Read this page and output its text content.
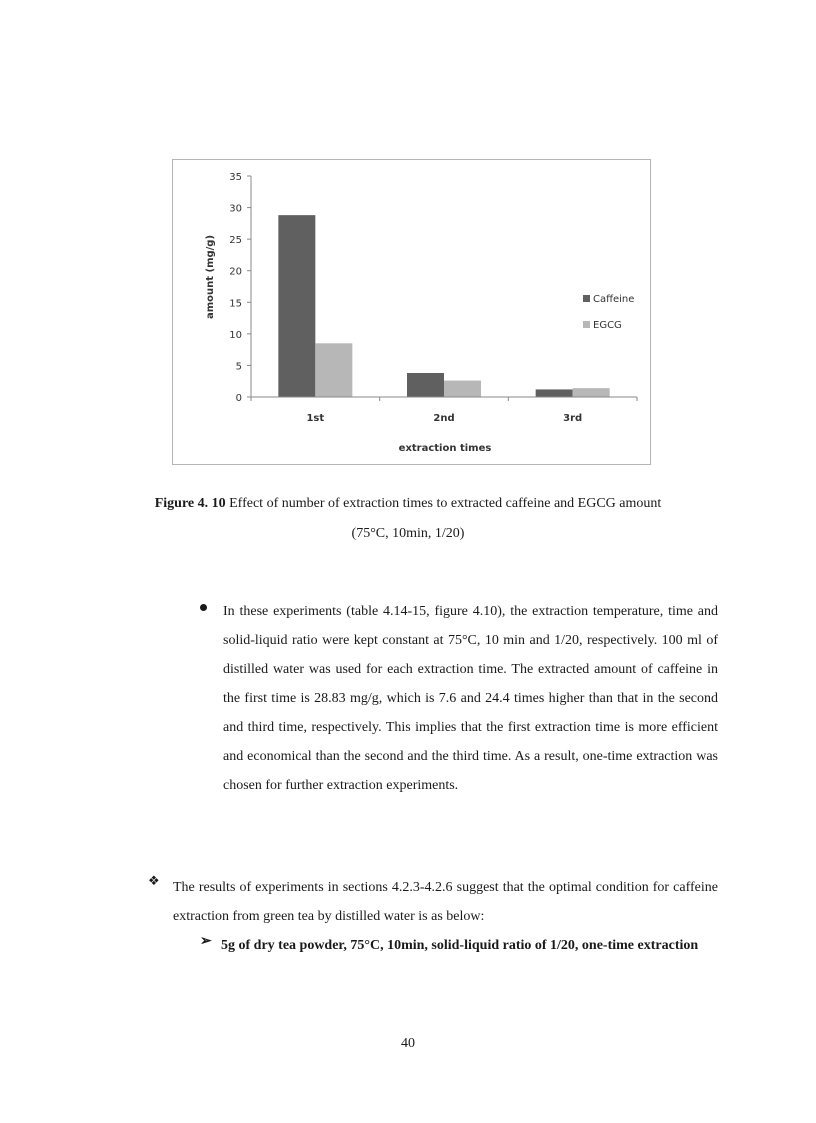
0
5
10
15
20
25
30
35
1st	2nd	3rd
amount (mg/g)
extraction times
Caffeine
EGCG
Figure 4. 10 Effect of number of extraction times to extracted caffeine and EGCG amount
(75°C, 10min, 1/20)
In these experiments (table 4.14-15, figure 4.10), the extraction temperature, time and solid-liquid ratio were kept constant at 75°C, 10 min and 1/20, respectively. 100 ml of distilled water was used for each extraction time. The extracted amount of caffeine in the first time is 28.83 mg/g, which is 7.6 and 24.4 times higher than that in the second and third time, respectively. This implies that the first extraction time is more efficient and economical than the second and the third time. As a result, one-time extraction was chosen for further extraction experiments.
❖ The results of experiments in sections 4.2.3-4.2.6 suggest that the optimal condition for caffeine extraction from green tea by distilled water is as below:
➢ 5g of dry tea powder, 75°C, 10min, solid-liquid ratio of 1/20, one-time extraction
40
